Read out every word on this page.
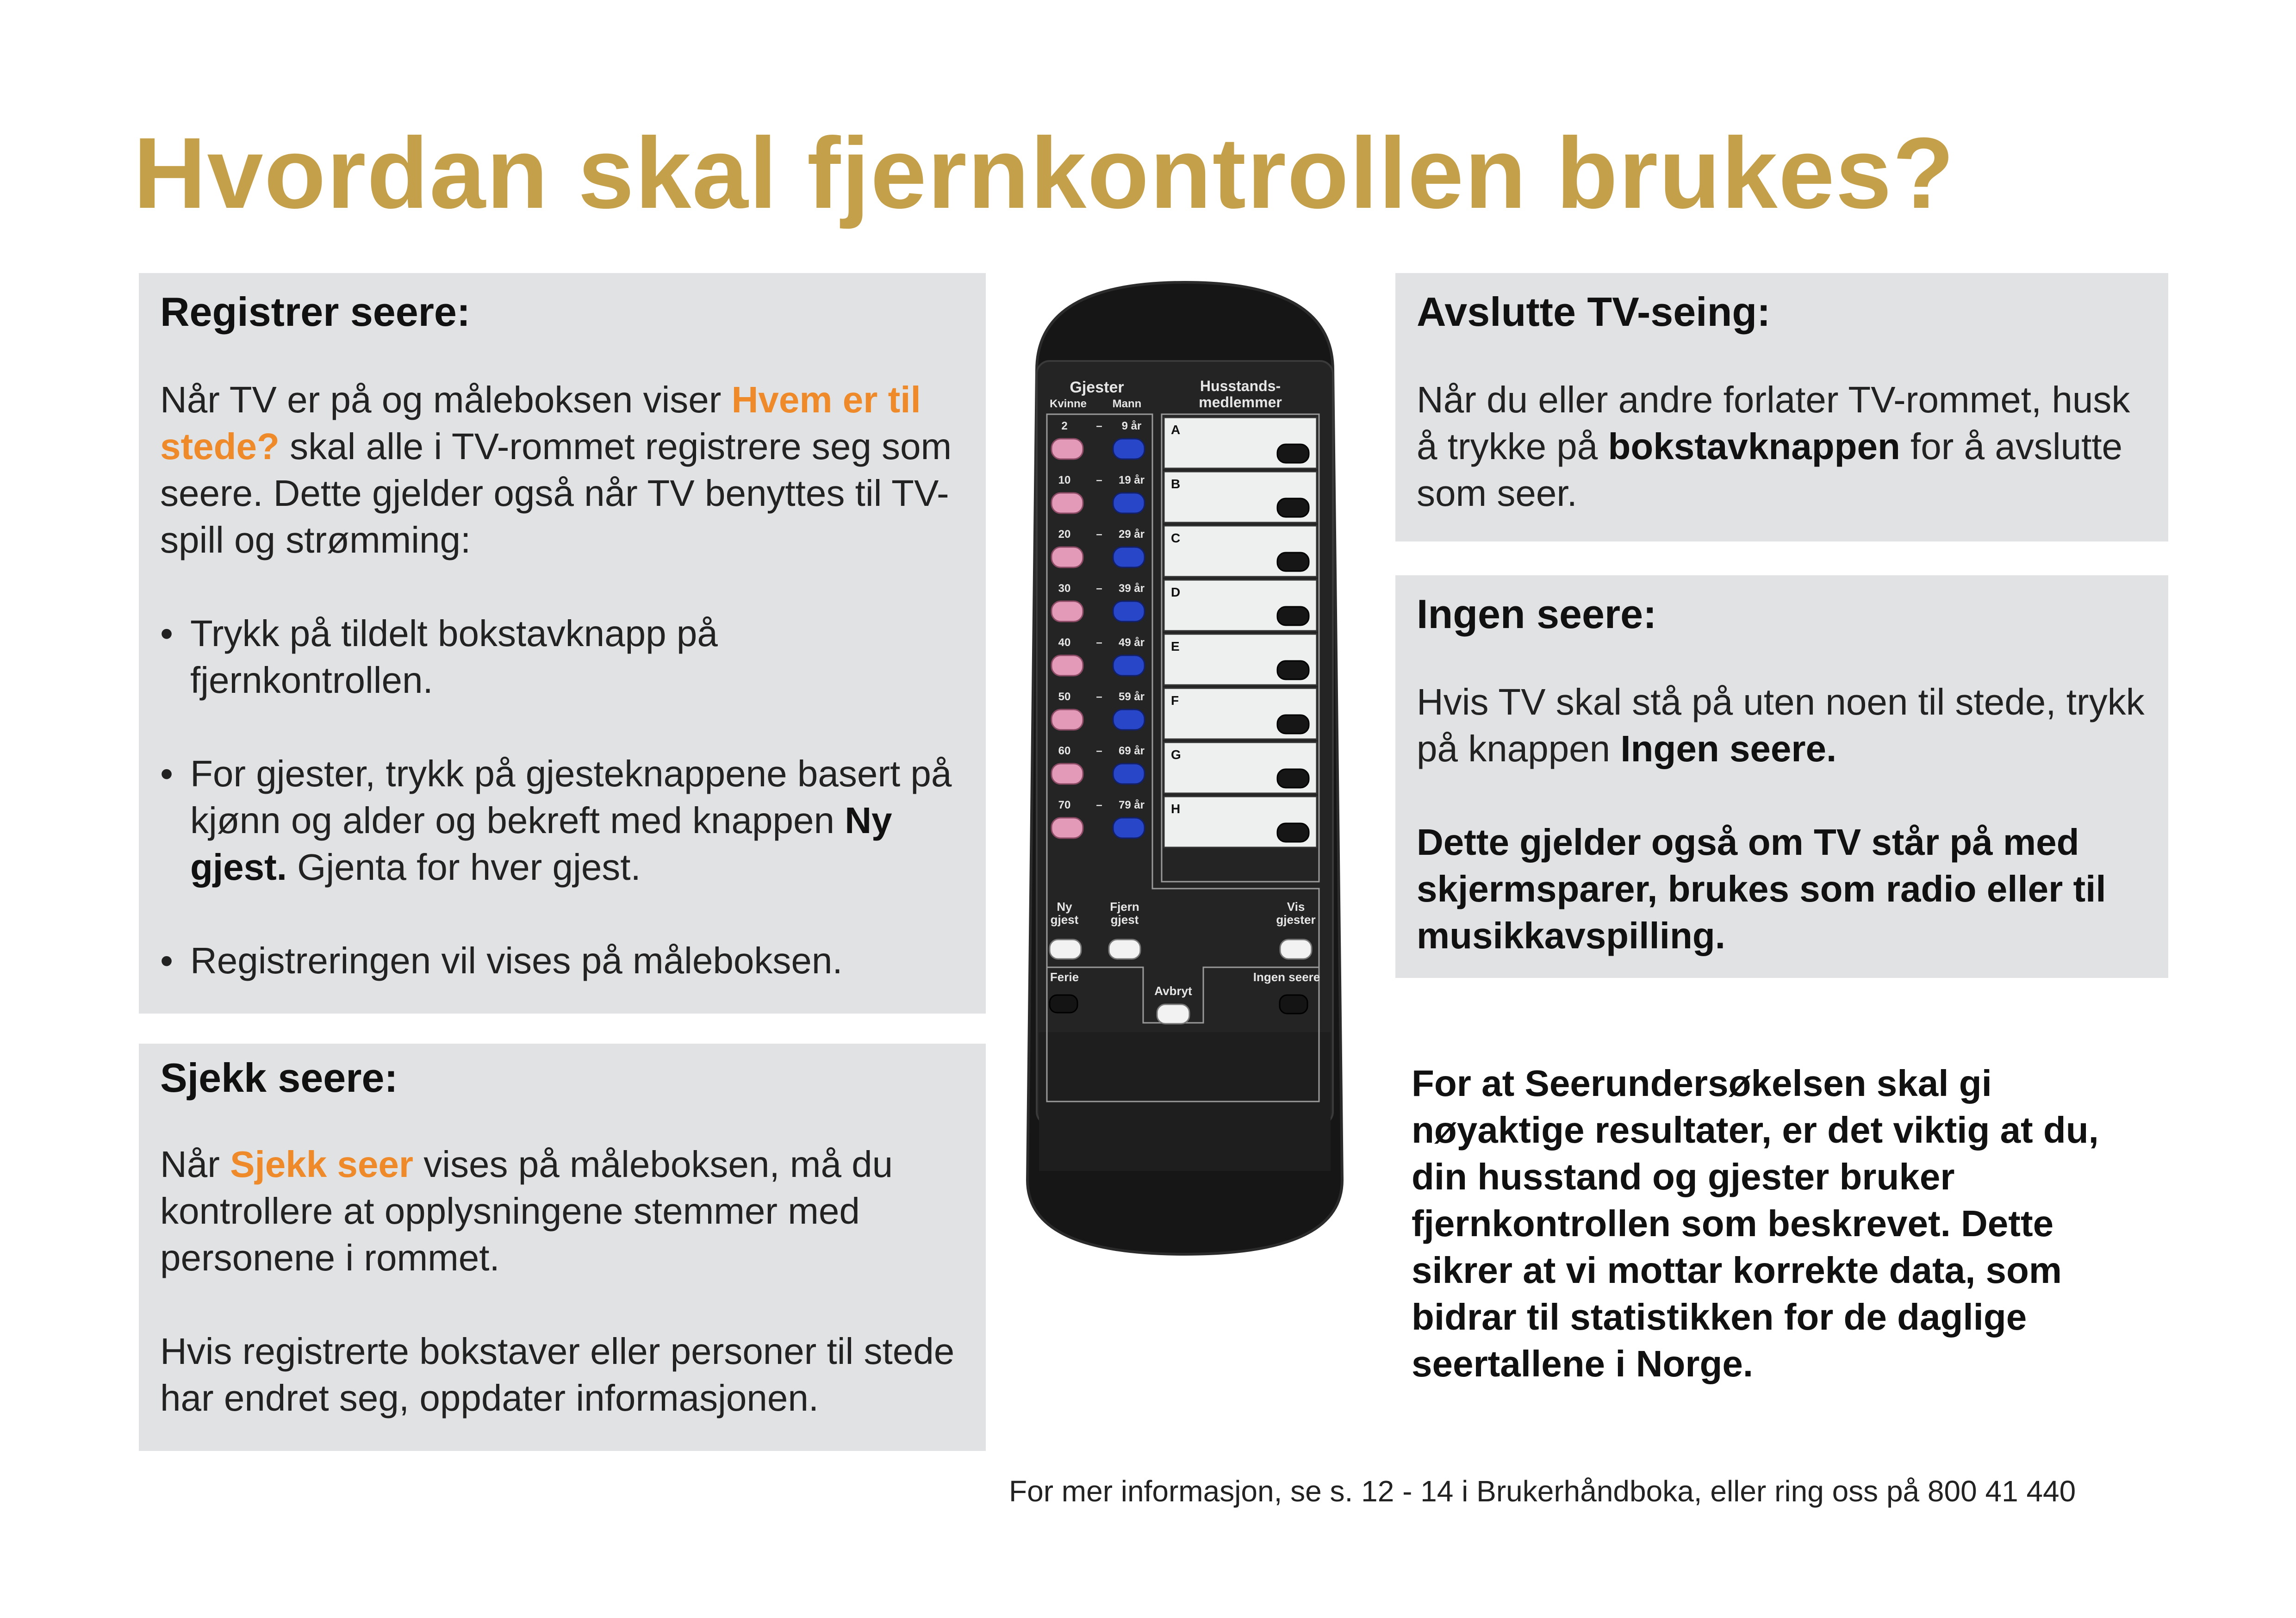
Hvordan skal fjernkontrollen brukes?
Registrer seere:

Når TV er på og måleboksen viser Hvem er til stede? skal alle i TV-rommet registrere seg som seere. Dette gjelder også når TV benyttes til TV-spill og strømming:

• Trykk på tildelt bokstavknapp på fjernkontrollen.

• For gjester, trykk på gjesteknappene basert på kjønn og alder og bekreft med knappen Ny gjest. Gjenta for hver gjest.

• Registreringen vil vises på måleboksen.

Sjekk seere:

Når Sjekk seer vises på måleboksen, må du kontrollere at opplysningene stemmer med personene i rommet.

Hvis registrerte bokstaver eller personer til stede har endret seg, oppdater informasjonen.

Avslutte TV-seing:

Når du eller andre forlater TV-rommet, husk å trykke på bokstavknappen for å avslutte som seer.

Ingen seere:

Hvis TV skal stå på uten noen til stede, trykk på knappen Ingen seere.

Dette gjelder også om TV står på med skjermsparer, brukes som radio eller til musikkavspilling.

For at Seerundersøkelsen skal gi nøyaktige resultater, er det viktig at du, din husstand og gjester bruker fjernkontrollen som beskrevet. Dette sikrer at vi mottar korrekte data, som bidrar til statistikken for de daglige seertallene i Norge.
For mer informasjon, se s. 12 - 14 i Brukerhåndboka, eller ring oss på 800 41 440
Gjester
Kvinne Mann
Husstands-
medlemmer
2	– 9 år A
10 – 19 år B
20 – 29 år C
30 – 39 år D
40 – 49 år E
50 – 59 år F
60 – 69 år G
70 – 79 år H
Ny
gjest
Fjern
gjest
Vis
gjester
Ferie
Avbryt
Ingen seere
